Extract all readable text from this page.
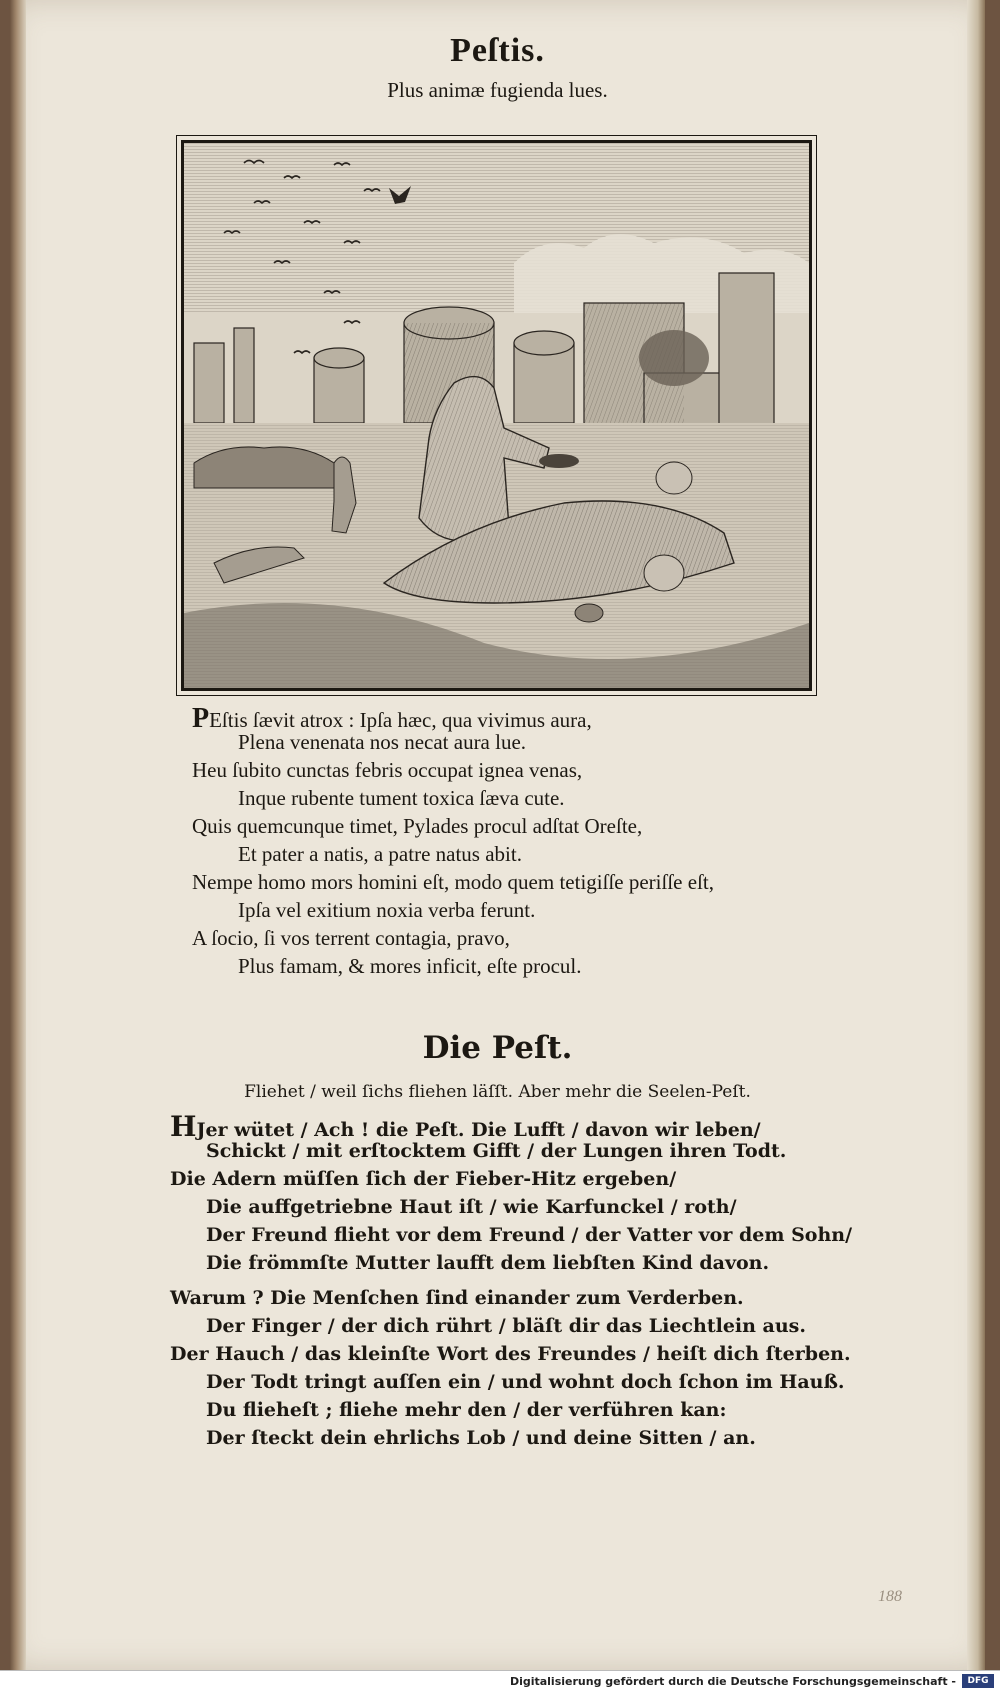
Peſtis.
Plus animæ fugienda lues.
PEſtis ſævit atrox : Ipſa hæc, qua vivimus aura,
Plena venenata nos necat aura lue.
Heu ſubito cunctas febris occupat ignea venas,
Inque rubente tument toxica ſæva cute.
Quis quemcunque timet, Pylades procul adſtat Oreſte,
Et pater a natis, a patre natus abit.
Nempe homo mors homini eſt, modo quem tetigiſſe periſſe eſt,
Ipſa vel exitium noxia verba ferunt.
A ſocio, ſi vos terrent contagia, pravo,
Plus famam, & mores inficit, eſte procul.
Die Peſt.
Fliehet / weil ſichs fliehen läſſt. Aber mehr die Seelen-Peſt.
HJer wütet / Ach ! die Peſt. Die Lufft / davon wir leben/
Schickt / mit erſtocktem Gifft / der Lungen ihren Todt.
Die Adern müſſen ſich der Fieber-Hitz ergeben/
Die auffgetriebne Haut iſt / wie Karfunckel / roth/
Der Freund flieht vor dem Freund / der Vatter vor dem Sohn/
Die frömmſte Mutter laufft dem liebſten Kind davon.
Warum ? Die Menſchen ſind einander zum Verderben.
Der Finger / der dich rührt / bläſt dir das Liechtlein aus.
Der Hauch / das kleinſte Wort des Freundes / heiſt dich ſterben.
Der Todt tringt auſſen ein / und wohnt doch ſchon im Hauß.
Du flieheſt ; fliehe mehr den / der verführen kan:
Der ſteckt dein ehrlichs Lob / und deine Sitten / an.
188
Digitalisierung gefördert durch die Deutsche Forschungsgemeinschaft -	DFG
